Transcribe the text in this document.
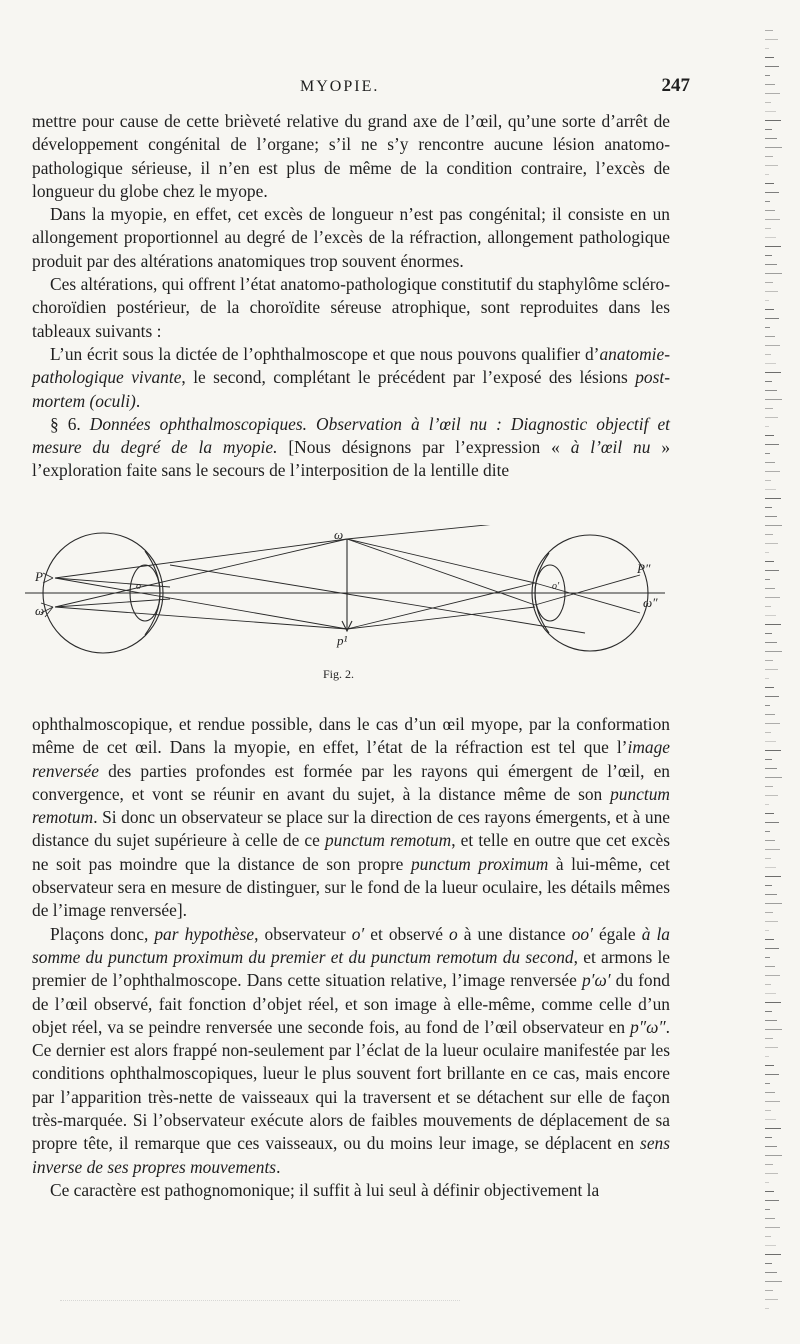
MYOPIE.	247

mettre pour cause de cette brièveté relative du grand axe de l’œil, qu’une sorte d’arrêt de développement congénital de l’organe; s’il ne s’y rencontre aucune lésion anatomo-pathologique sérieuse, il n’en est plus de même de la condition contraire, l’excès de longueur du globe chez le myope.

Dans la myopie, en effet, cet excès de longueur n’est pas congénital; il consiste en un allongement proportionnel au degré de l’excès de la réfraction, allongement pathologique produit par des altérations anatomiques trop souvent énormes.

Ces altérations, qui offrent l’état anatomo-pathologique constitutif du staphylôme scléro-choroïdien postérieur, de la choroïdite séreuse atrophique, sont reproduites dans les tableaux suivants :

L’un écrit sous la dictée de l’ophthalmoscope et que nous pouvons qualifier d’anatomie-pathologique vivante, le second, complétant le précédent par l’exposé des lésions post-mortem (oculi).

§ 6. Données ophthalmoscopiques. Observation à l’œil nu : Diagnostic objectif et mesure du degré de la myopie. [Nous désignons par l’expression « à l’œil nu » l’exploration faite sans le secours de l’interposition de la lentille dite

P
ω
o
ω
p¹
o′
P″
ω″
Fig. 2.

ophthalmoscopique, et rendue possible, dans le cas d’un œil myope, par la conformation même de cet œil. Dans la myopie, en effet, l’état de la réfraction est tel que l’image renversée des parties profondes est formée par les rayons qui émergent de l’œil, en convergence, et vont se réunir en avant du sujet, à la distance même de son punctum remotum. Si donc un observateur se place sur la direction de ces rayons émergents, et à une distance du sujet supérieure à celle de ce punctum remotum, et telle en outre que cet excès ne soit pas moindre que la distance de son propre punctum proximum à lui-même, cet observateur sera en mesure de distinguer, sur le fond de la lueur oculaire, les détails mêmes de l’image renversée].

Plaçons donc, par hypothèse, observateur o′ et observé o à une distance oo′ égale à la somme du punctum proximum du premier et du punctum remotum du second, et armons le premier de l’ophthalmoscope. Dans cette situation relative, l’image renversée p′ω′ du fond de l’œil observé, fait fonction d’objet réel, et son image à elle-même, comme celle d’un objet réel, va se peindre renversée une seconde fois, au fond de l’œil observateur en p″ω″. Ce dernier est alors frappé non-seulement par l’éclat de la lueur oculaire manifestée par les conditions ophthalmoscopiques, lueur le plus souvent fort brillante en ce cas, mais encore par l’apparition très-nette de vaisseaux qui la traversent et se détachent sur elle de façon très-marquée. Si l’observateur exécute alors de faibles mouvements de déplacement de sa propre tête, il remarque que ces vaisseaux, ou du moins leur image, se déplacent en sens inverse de ses propres mouvements.

Ce caractère est pathognomonique; il suffit à lui seul à définir objectivement la
